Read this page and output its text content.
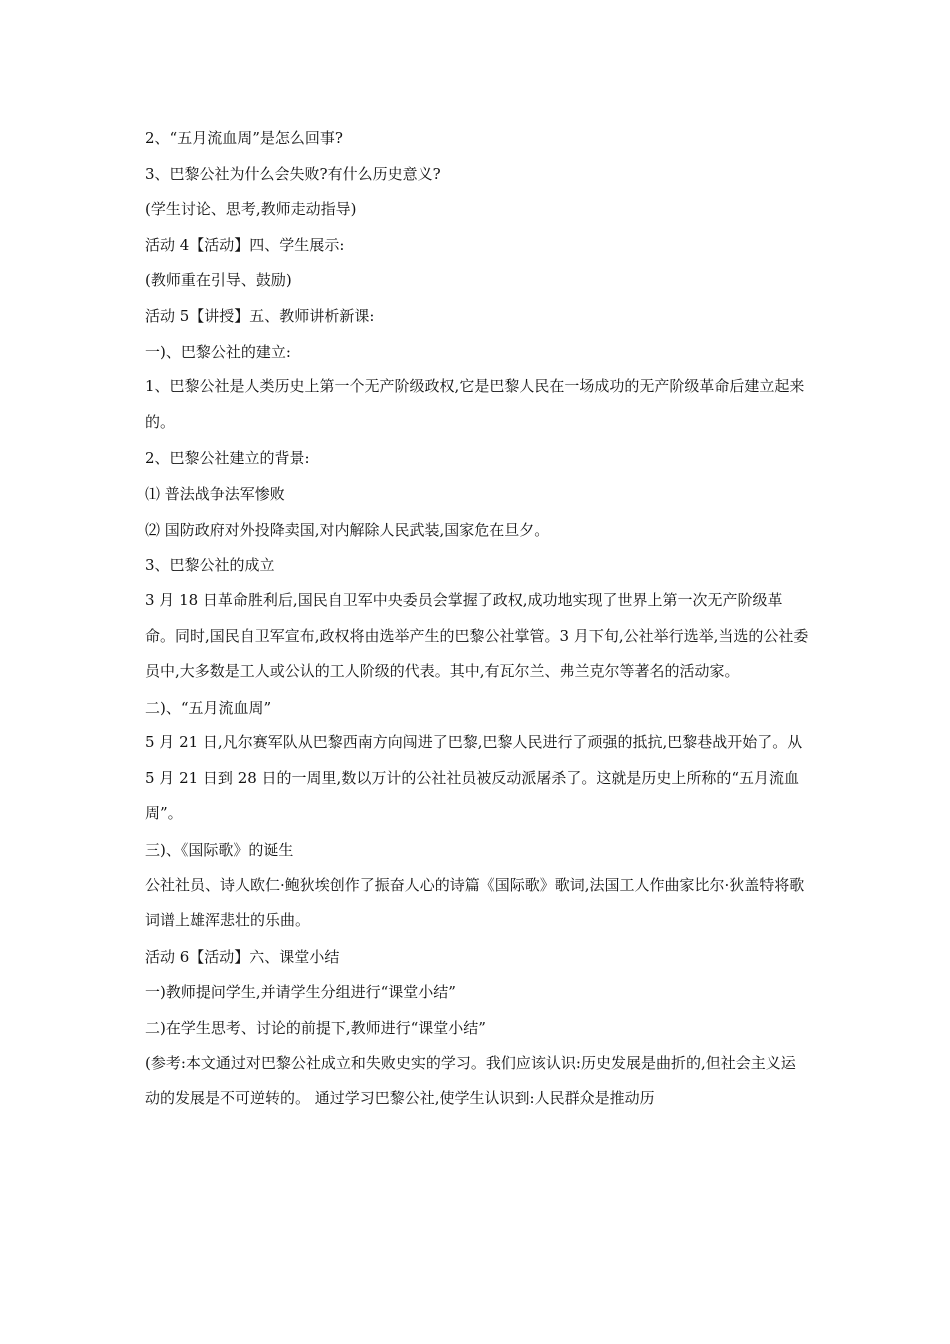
2、“五月流血周”是怎么回事?
3、巴黎公社为什么会失败?有什么历史意义?
(学生讨论、思考,教师走动指导)
活动 4【活动】四、学生展示:
(教师重在引导、鼓励)
活动 5【讲授】五、教师讲析新课:
一)、巴黎公社的建立:
1、巴黎公社是人类历史上第一个无产阶级政权,它是巴黎人民在一场成功的无产阶级革命后建立起来的。
2、巴黎公社建立的背景:
⑴ 普法战争法军惨败
⑵ 国防政府对外投降卖国,对内解除人民武装,国家危在旦夕。
3、巴黎公社的成立
3 月 18 日革命胜利后,国民自卫军中央委员会掌握了政权,成功地实现了世界上第一次无产阶级革命。同时,国民自卫军宣布,政权将由选举产生的巴黎公社掌管。3 月下旬,公社举行选举,当选的公社委员中,大多数是工人或公认的工人阶级的代表。其中,有瓦尔兰、弗兰克尔等著名的活动家。
二)、“五月流血周”
5 月 21 日,凡尔赛军队从巴黎西南方向闯进了巴黎,巴黎人民进行了顽强的抵抗,巴黎巷战开始了。从 5 月 21 日到 28 日的一周里,数以万计的公社社员被反动派屠杀了。这就是历史上所称的“五月流血周”。
三)、《国际歌》的诞生
公社社员、诗人欧仁·鲍狄埃创作了振奋人心的诗篇《国际歌》歌词,法国工人作曲家比尔·狄盖特将歌词谱上雄浑悲壮的乐曲。
活动 6【活动】六、课堂小结
一)教师提问学生,并请学生分组进行“课堂小结”
二)在学生思考、讨论的前提下,教师进行“课堂小结”
(参考:本文通过对巴黎公社成立和失败史实的学习。我们应该认识:历史发展是曲折的,但社会主义运动的发展是不可逆转的。 通过学习巴黎公社,使学生认识到:人民群众是推动历
